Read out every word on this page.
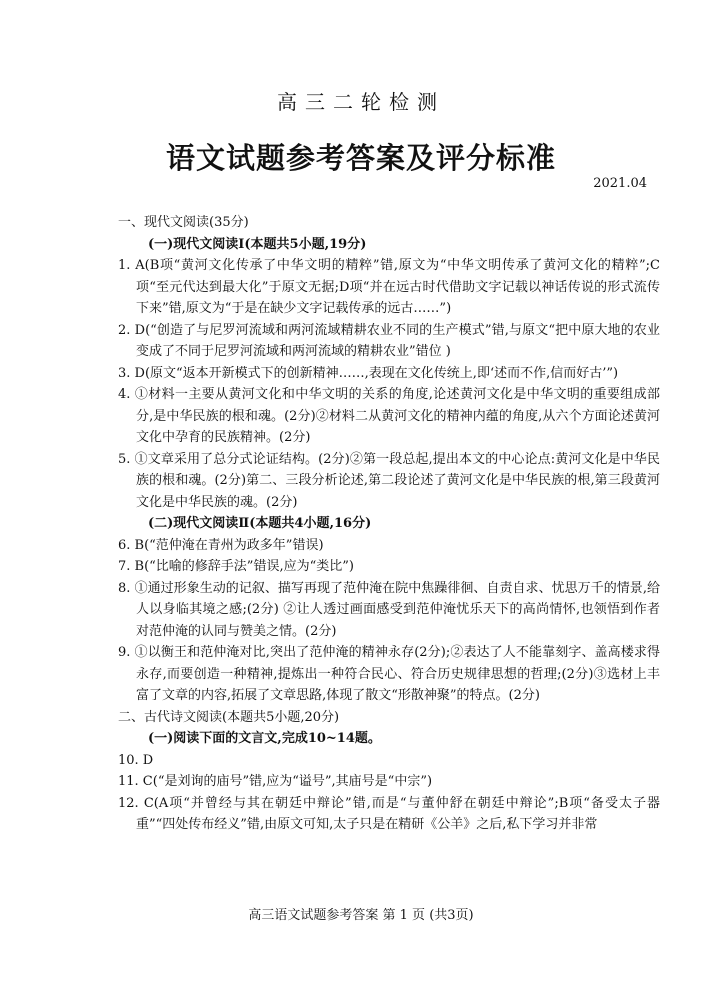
高三二轮检测
语文试题参考答案及评分标准
2021.04
一、现代文阅读(35分)
(一)现代文阅读Ⅰ(本题共5小题,19分)
1. A(B项“黄河文化传承了中华文明的精粹”错,原文为“中华文明传承了黄河文化的精粹”;C项“至元代达到最大化”于原文无据;D项“并在远古时代借助文字记载以神话传说的形式流传下来”错,原文为“于是在缺少文字记载传承的远古……”)
2. D(“创造了与尼罗河流域和两河流域精耕农业不同的生产模式”错,与原文“把中原大地的农业变成了不同于尼罗河流域和两河流域的精耕农业”错位 )
3. D(原文“返本开新模式下的创新精神……,表现在文化传统上,即‘述而不作,信而好古’”)
4. ①材料一主要从黄河文化和中华文明的关系的角度,论述黄河文化是中华文明的重要组成部分,是中华民族的根和魂。(2分)②材料二从黄河文化的精神内蕴的角度,从六个方面论述黄河文化中孕育的民族精神。(2分)
5. ①文章采用了总分式论证结构。(2分)②第一段总起,提出本文的中心论点:黄河文化是中华民族的根和魂。(2分)第二、三段分析论述,第二段论述了黄河文化是中华民族的根,第三段黄河文化是中华民族的魂。(2分)
(二)现代文阅读Ⅱ(本题共4小题,16分)
6. B(“范仲淹在青州为政多年”错误)
7. B(“比喻的修辞手法”错误,应为“类比”)
8. ①通过形象生动的记叙、描写再现了范仲淹在院中焦躁徘徊、自责自求、忧思万千的情景,给人以身临其境之感;(2分) ②让人透过画面感受到范仲淹忧乐天下的高尚情怀,也领悟到作者对范仲淹的认同与赞美之情。(2分)
9. ①以衡王和范仲淹对比,突出了范仲淹的精神永存(2分);②表达了人不能靠刻字、盖高楼求得永存,而要创造一种精神,提炼出一种符合民心、符合历史规律思想的哲理;(2分)③选材上丰富了文章的内容,拓展了文章思路,体现了散文“形散神聚”的特点。(2分)
二、古代诗文阅读(本题共5小题,20分)
(一)阅读下面的文言文,完成10~14题。
10. D
11. C(“是刘询的庙号”错,应为“谥号”,其庙号是“中宗”)
12. C(A项“并曾经与其在朝廷中辩论”错,而是“与董仲舒在朝廷中辩论”;B项“备受太子器重”“四处传布经义”错,由原文可知,太子只是在精研《公羊》之后,私下学习并非常
高三语文试题参考答案 第 1 页 (共3页)
